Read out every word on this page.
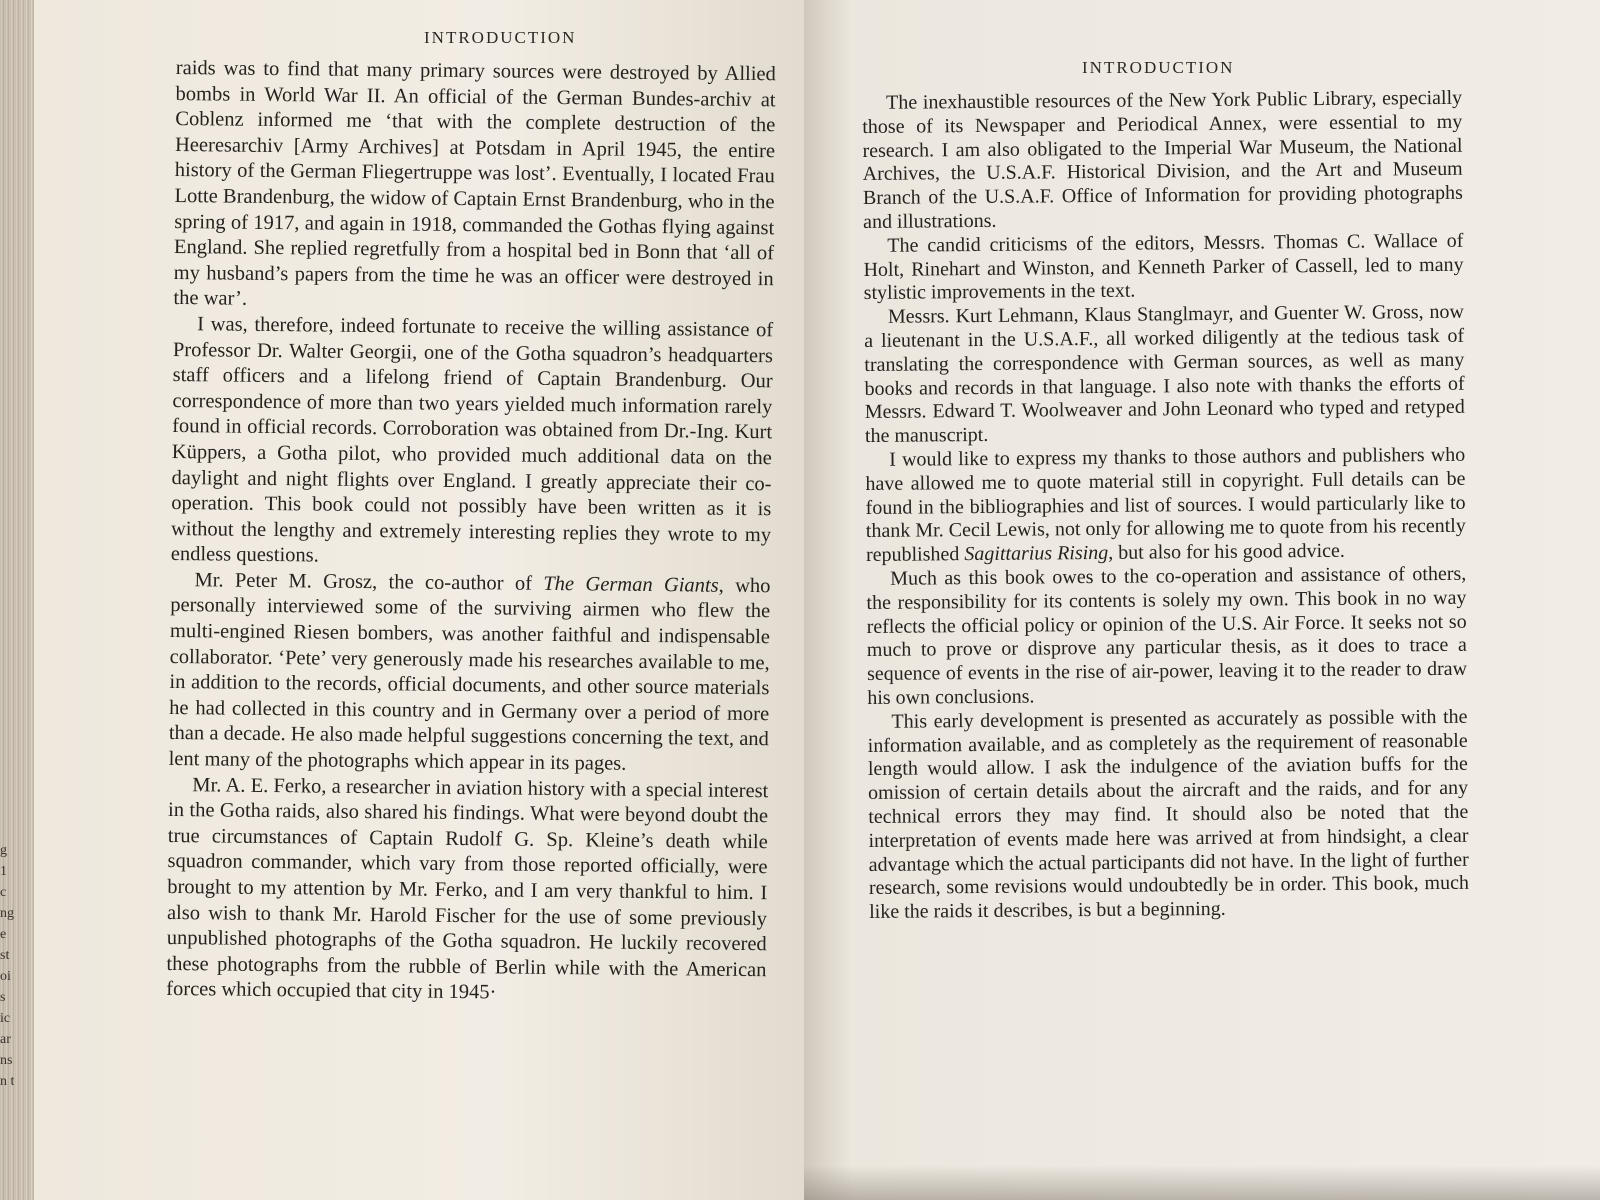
g
1
c
ng
e
st
oi
s
ic
ar
ns
n t
INTRODUCTION

raids was to find that many primary sources were destroyed by Allied bombs in World War II. An official of the German Bundes-archiv at Coblenz informed me ‘that with the complete destruction of the Heeresarchiv [Army Archives] at Potsdam in April 1945, the entire history of the German Fliegertruppe was lost’. Eventually, I located Frau Lotte Brandenburg, the widow of Captain Ernst Brandenburg, who in the spring of 1917, and again in 1918, commanded the Gothas flying against England. She replied regretfully from a hospital bed in Bonn that ‘all of my husband’s papers from the time he was an officer were destroyed in the war’.

I was, therefore, indeed fortunate to receive the willing assistance of Professor Dr. Walter Georgii, one of the Gotha squadron’s headquarters staff officers and a lifelong friend of Captain Brandenburg. Our correspondence of more than two years yielded much information rarely found in official records. Corroboration was obtained from Dr.-Ing. Kurt Küppers, a Gotha pilot, who provided much additional data on the daylight and night flights over England. I greatly appreciate their co-operation. This book could not possibly have been written as it is without the lengthy and extremely interesting replies they wrote to my endless questions.

Mr. Peter M. Grosz, the co-author of The German Giants, who personally interviewed some of the surviving airmen who flew the multi-engined Riesen bombers, was another faithful and indispensable collaborator. ‘Pete’ very generously made his researches available to me, in addition to the records, official documents, and other source materials he had collected in this country and in Germany over a period of more than a decade. He also made helpful suggestions concerning the text, and lent many of the photographs which appear in its pages.

Mr. A. E. Ferko, a researcher in aviation history with a special interest in the Gotha raids, also shared his findings. What were beyond doubt the true circumstances of Captain Rudolf G. Sp. Kleine’s death while squadron commander, which vary from those reported officially, were brought to my attention by Mr. Ferko, and I am very thankful to him. I also wish to thank Mr. Harold Fischer for the use of some previously unpublished photographs of the Gotha squadron. He luckily recovered these photographs from the rubble of Berlin while with the American forces which occupied that city in 1945·

INTRODUCTION

The inexhaustible resources of the New York Public Library, especially those of its Newspaper and Periodical Annex, were essential to my research. I am also obligated to the Imperial War Museum, the National Archives, the U.S.A.F. Historical Division, and the Art and Museum Branch of the U.S.A.F. Office of Information for providing photographs and illustrations.

The candid criticisms of the editors, Messrs. Thomas C. Wallace of Holt, Rinehart and Winston, and Kenneth Parker of Cassell, led to many stylistic improvements in the text.

Messrs. Kurt Lehmann, Klaus Stanglmayr, and Guenter W. Gross, now a lieutenant in the U.S.A.F., all worked diligently at the tedious task of translating the correspondence with German sources, as well as many books and records in that language. I also note with thanks the efforts of Messrs. Edward T. Woolweaver and John Leonard who typed and retyped the manuscript.

I would like to express my thanks to those authors and publishers who have allowed me to quote material still in copyright. Full details can be found in the bibliographies and list of sources. I would particularly like to thank Mr. Cecil Lewis, not only for allowing me to quote from his recently republished Sagittarius Rising, but also for his good advice.

Much as this book owes to the co-operation and assistance of others, the responsibility for its contents is solely my own. This book in no way reflects the official policy or opinion of the U.S. Air Force. It seeks not so much to prove or disprove any particular thesis, as it does to trace a sequence of events in the rise of air-power, leaving it to the reader to draw his own conclusions.

This early development is presented as accurately as possible with the information available, and as completely as the requirement of reasonable length would allow. I ask the indulgence of the aviation buffs for the omission of certain details about the aircraft and the raids, and for any technical errors they may find. It should also be noted that the interpretation of events made here was arrived at from hindsight, a clear advantage which the actual participants did not have. In the light of further research, some revisions would undoubtedly be in order. This book, much like the raids it describes, is but a beginning.
